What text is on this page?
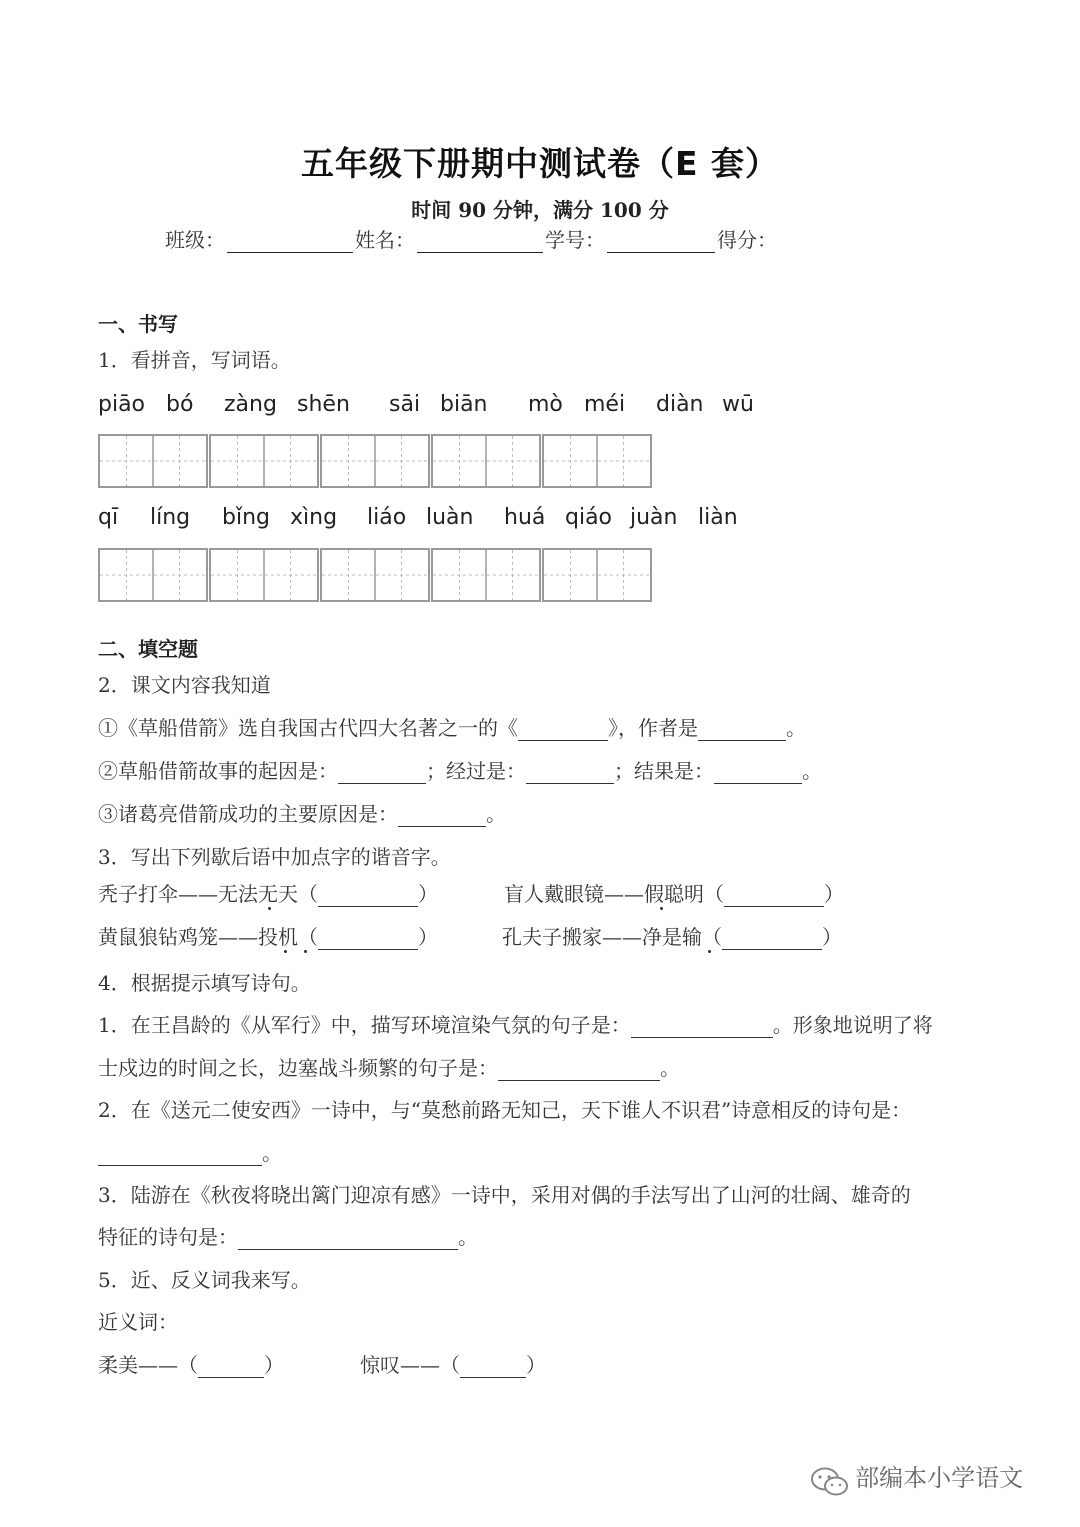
五年级下册期中测试卷（E 套）
时间 90 分钟，满分 100 分
班级：	姓名：	学号：	得分：
一、书写
1．看拼音，写词语。
piāo bó zàng shēn sāi biān mò méi diàn wū
qī líng bǐng xìng liáo luàn huá qiáo juàn liàn
二、填空题
2．课文内容我知道
①《草船借箭》选自我国古代四大名著之一的《	》，作者是	。
②草船借箭故事的起因是：	；经过是：	；结果是：	。
③诸葛亮借箭成功的主要原因是：	。
3．写出下列歇后语中加点字的谐音字。
秃子打伞——无法无天（	）	盲人戴眼镜——假聪明（	）
黄鼠狼钻鸡笼——投机（	）	孔夫子搬家——净是输（	）
4．根据提示填写诗句。
1．在王昌龄的《从军行》中，描写环境渲染气氛的句子是：	。形象地说明了将
士戍边的时间之长，边塞战斗频繁的句子是：	。
2．在《送元二使安西》一诗中，与“莫愁前路无知己，天下谁人不识君”诗意相反的诗句是：
。
3．陆游在《秋夜将晓出篱门迎凉有感》一诗中，采用对偶的手法写出了山河的壮阔、雄奇的
特征的诗句是：	。
5．近、反义词我来写。
近义词：
柔美——（	）	惊叹——（	）
部编本小学语文
